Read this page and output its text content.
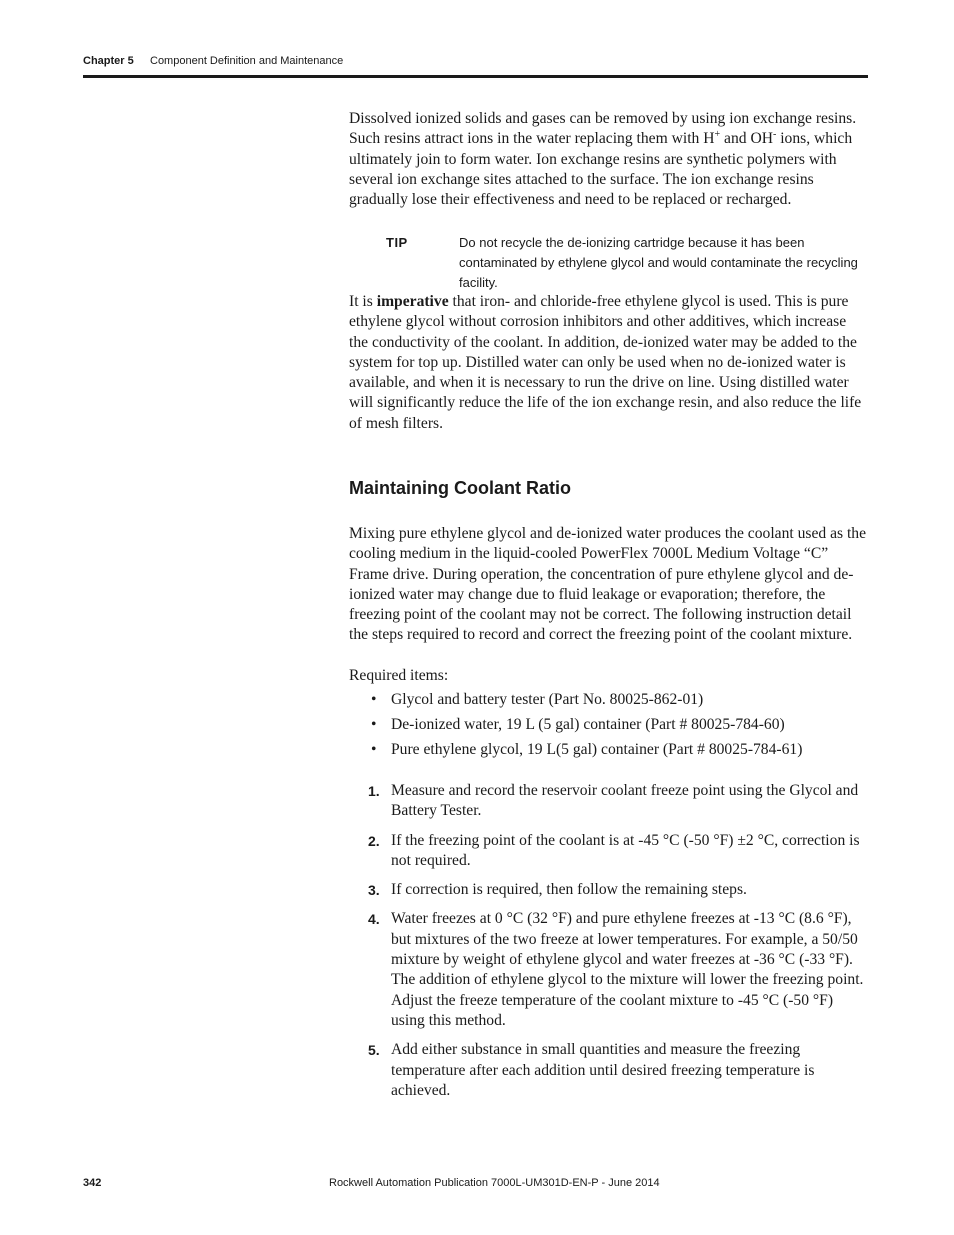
Chapter 5 Component Definition and Maintenance

Dissolved ionized solids and gases can be removed by using ion exchange resins. Such resins attract ions in the water replacing them with H+ and OH- ions, which ultimately join to form water. Ion exchange resins are synthetic polymers with several ion exchange sites attached to the surface. The ion exchange resins gradually lose their effectiveness and need to be replaced or recharged.

TIP	Do not recycle the de-ionizing cartridge because it has been contaminated by ethylene glycol and would contaminate the recycling facility.

It is imperative that iron- and chloride-free ethylene glycol is used. This is pure ethylene glycol without corrosion inhibitors and other additives, which increase the conductivity of the coolant. In addition, de-ionized water may be added to the system for top up. Distilled water can only be used when no de-ionized water is available, and when it is necessary to run the drive on line. Using distilled water will significantly reduce the life of the ion exchange resin, and also reduce the life of mesh filters.

Maintaining Coolant Ratio

Mixing pure ethylene glycol and de-ionized water produces the coolant used as the cooling medium in the liquid-cooled PowerFlex 7000L Medium Voltage “C” Frame drive. During operation, the concentration of pure ethylene glycol and de-ionized water may change due to fluid leakage or evaporation; therefore, the freezing point of the coolant may not be correct. The following instruction detail the steps required to record and correct the freezing point of the coolant mixture.

Required items:
• Glycol and battery tester (Part No. 80025-862-01)
• De-ionized water, 19 L (5 gal) container (Part # 80025-784-60)
• Pure ethylene glycol, 19 L(5 gal) container (Part # 80025-784-61)
1. Measure and record the reservoir coolant freeze point using the Glycol and Battery Tester.
2. If the freezing point of the coolant is at -45 °C (-50 °F) ±2 °C, correction is not required.
3. If correction is required, then follow the remaining steps.
4. Water freezes at 0 °C (32 °F) and pure ethylene freezes at -13 °C (8.6 °F), but mixtures of the two freeze at lower temperatures. For example, a 50/50 mixture by weight of ethylene glycol and water freezes at -36 °C (-33 °F). The addition of ethylene glycol to the mixture will lower the freezing point. Adjust the freeze temperature of the coolant mixture to -45 °C (-50 °F) using this method.
5. Add either substance in small quantities and measure the freezing temperature after each addition until desired freezing temperature is achieved.
342	Rockwell Automation Publication 7000L-UM301D-EN-P - June 2014
